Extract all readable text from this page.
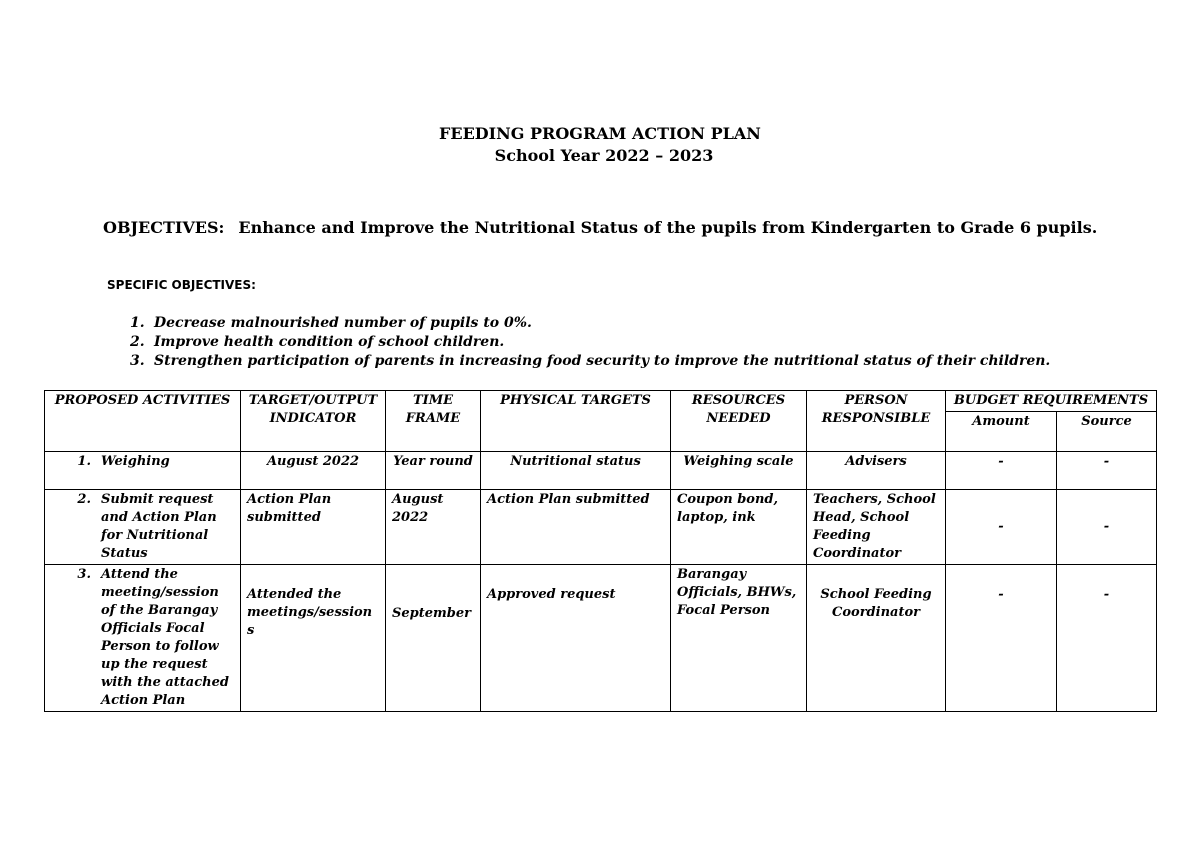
FEEDING PROGRAM ACTION PLAN
School Year 2022 – 2023
OBJECTIVES: Enhance and Improve the Nutritional Status of the pupils from Kindergarten to Grade 6 pupils.
SPECIFIC OBJECTIVES:
1. Decrease malnourished number of pupils to 0%.
2. Improve health condition of school children.
3. Strengthen participation of parents in increasing food security to improve the nutritional status of their children.
PROPOSED ACTIVITIES	TARGET/OUTPUT INDICATOR	TIME FRAME	PHYSICAL TARGETS	RESOURCES NEEDED	PERSON RESPONSIBLE	BUDGET REQUIREMENTS	
						Amount	Source

1. Weighing	August 2022	Year round	Nutritional status	Weighing scale	Advisers	-	-

2. Submit request and Action Plan for Nutritional Status	Action Plan submitted	August 2022	Action Plan submitted	Coupon bond, laptop, ink	Teachers, School Head, School Feeding Coordinator	-	-

3. Attend the meeting/session of the Barangay Officials Focal Person to follow up the request with the attached Action Plan	Attended the meetings/session s	September	Approved request	Barangay Officials, BHWs, Focal Person	School Feeding Coordinator	-	-
